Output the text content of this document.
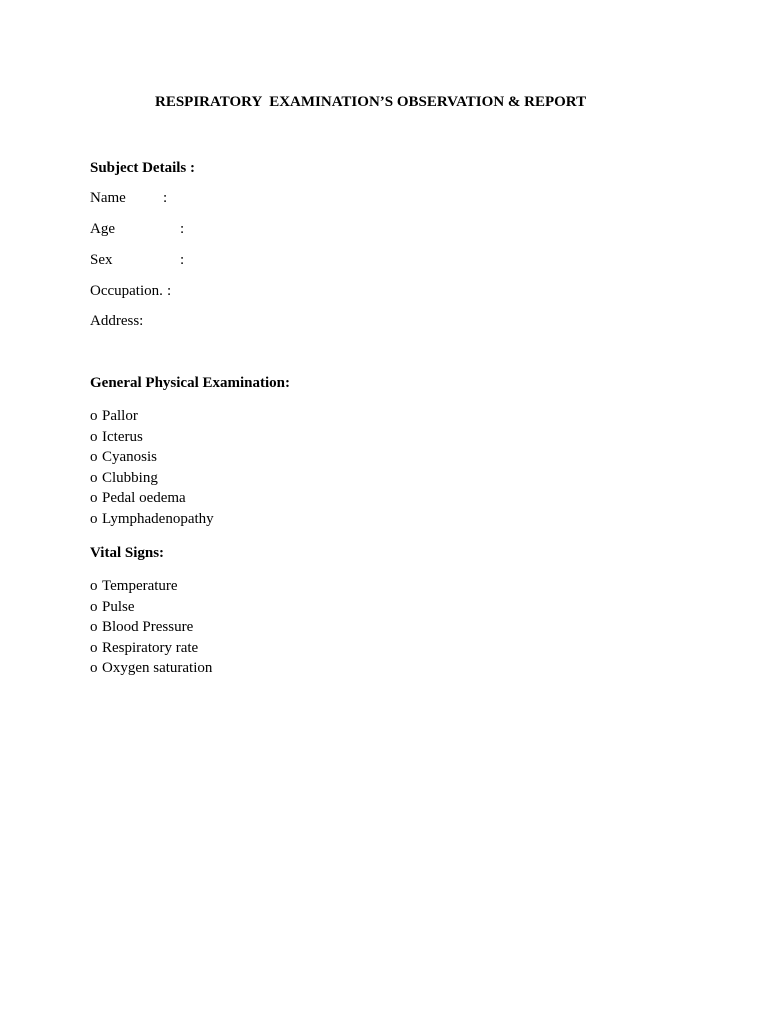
RESPIRATORY  EXAMINATION’S OBSERVATION & REPORT
Subject Details :

Name

:

Age

	:

Sex

	:

Occupation.

:

Address:

General Physical Examination:
o Pallor
o Icterus
o Cyanosis
o Clubbing
o Pedal oedema
o Lymphadenopathy
Vital Signs:
o Temperature
o Pulse
o Blood Pressure
o Respiratory rate
o Oxygen saturation
